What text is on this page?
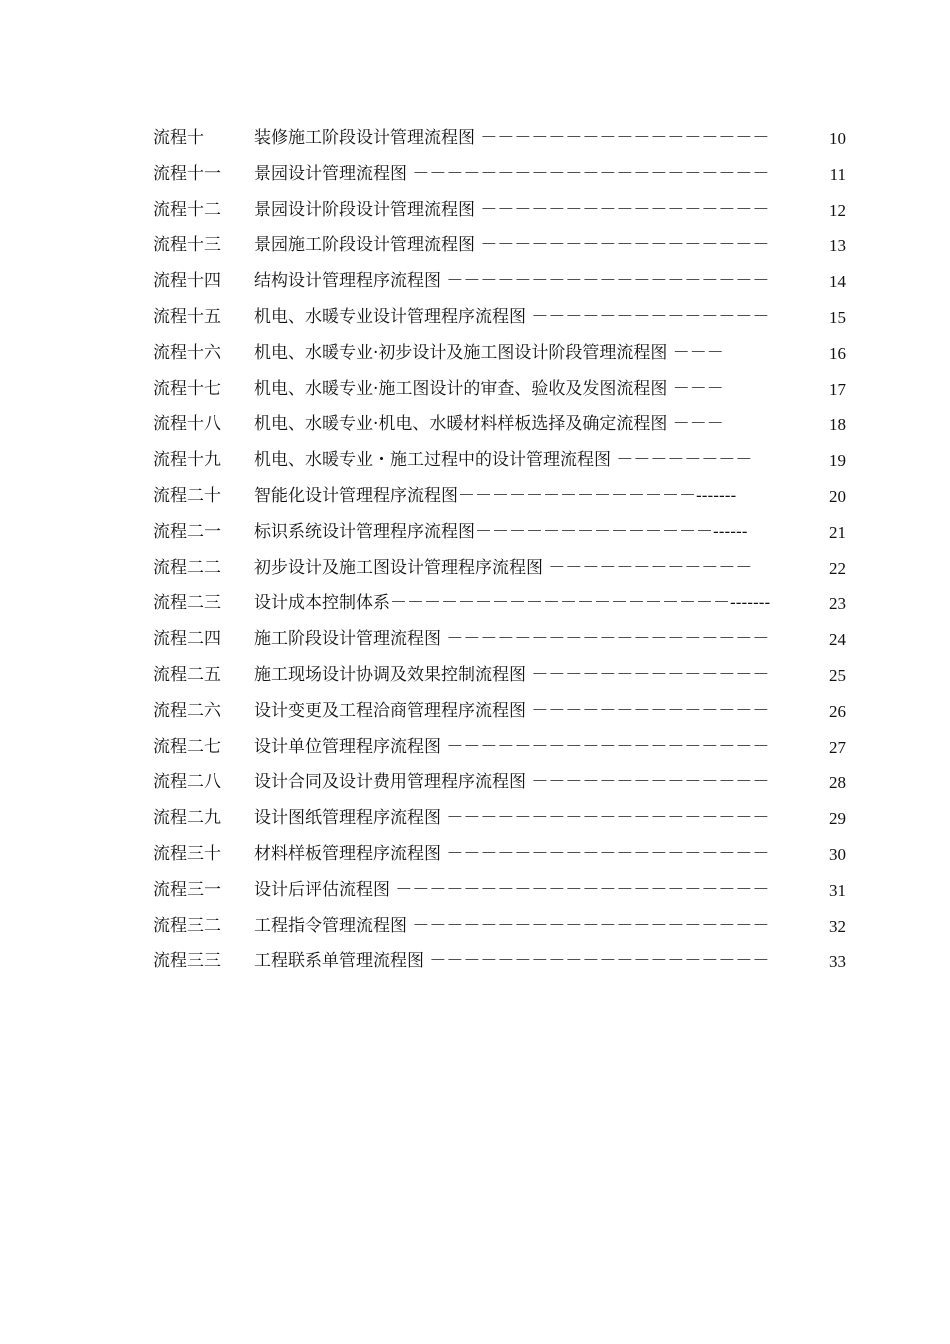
流程十	装修施工阶段设计管理流程图 －－－－－－－－－－－－－－－－－	10
流程十一 景园设计管理流程图 －－－－－－－－－－－－－－－－－－－－－	11
流程十二 景园设计阶段设计管理流程图 －－－－－－－－－－－－－－－－－	12
流程十三 景园施工阶段设计管理流程图 －－－－－－－－－－－－－－－－－	13
流程十四 结构设计管理程序流程图 －－－－－－－－－－－－－－－－－－－	14
流程十五 机电、水暖专业设计管理程序流程图 －－－－－－－－－－－－－－	15
流程十六 机电、水暖专业·初步设计及施工图设计阶段管理流程图 －－－	16
流程十七 机电、水暖专业·施工图设计的审查、验收及发图流程图 －－－	17
流程十八 机电、水暖专业·机电、水暖材料样板选择及确定流程图 －－－	18
流程十九 机电、水暖专业・施工过程中的设计管理流程图 －－－－－－－－	19
流程二十 智能化设计管理程序流程图－－－－－－－－－－－－－－-------	20
流程二一 标识系统设计管理程序流程图－－－－－－－－－－－－－－------	21
流程二二 初步设计及施工图设计管理程序流程图 －－－－－－－－－－－－	22
流程二三 设计成本控制体系－－－－－－－－－－－－－－－－－－－－-------	23
流程二四 施工阶段设计管理流程图 －－－－－－－－－－－－－－－－－－－	24
流程二五 施工现场设计协调及效果控制流程图 －－－－－－－－－－－－－－	25
流程二六 设计变更及工程洽商管理程序流程图 －－－－－－－－－－－－－－	26
流程二七 设计单位管理程序流程图 －－－－－－－－－－－－－－－－－－－	27
流程二八 设计合同及设计费用管理程序流程图 －－－－－－－－－－－－－－	28
流程二九 设计图纸管理程序流程图 －－－－－－－－－－－－－－－－－－－	29
流程三十 材料样板管理程序流程图 －－－－－－－－－－－－－－－－－－－	30
流程三一 设计后评估流程图 －－－－－－－－－－－－－－－－－－－－－－	31
流程三二 工程指令管理流程图 －－－－－－－－－－－－－－－－－－－－－	32
流程三三 工程联系单管理流程图 －－－－－－－－－－－－－－－－－－－－	33
